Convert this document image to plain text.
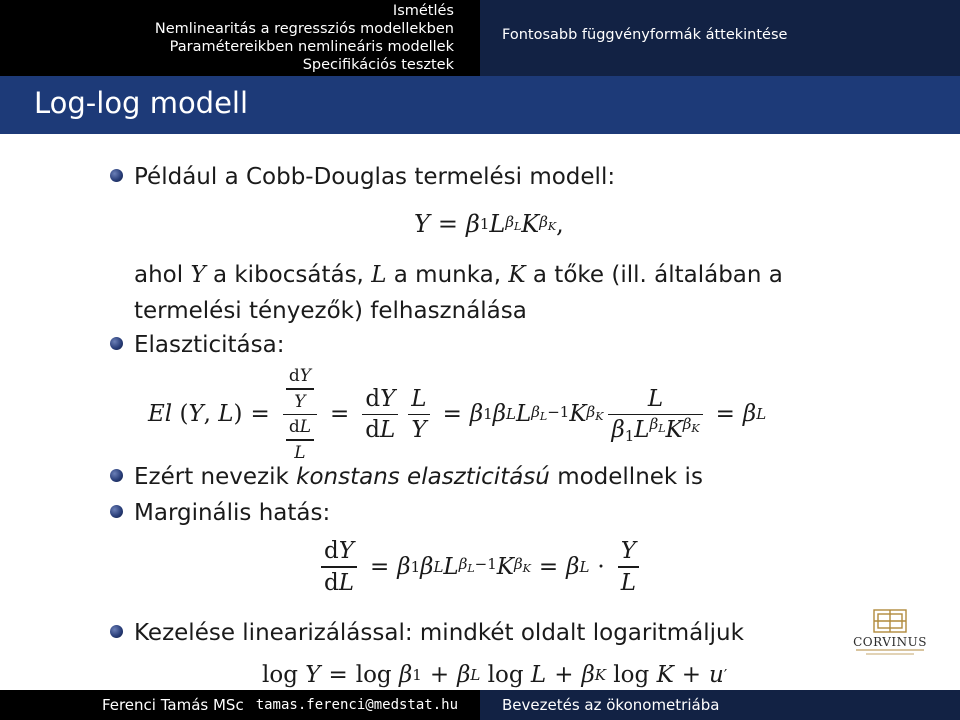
Ismétlés
Nemlinearitás a regressziós modellekben
Paramétereikben nemlineáris modellek
Specifikációs tesztek
Fontosabb függvényformák áttekintése
Log-log modell
Például a Cobb-Douglas termelési modell:
Y = β 1 L $\beta_L$ K $\beta_K$ ,
ahol Y a kibocsátás, L a munka, K a tőke (ill. általában a
termelési tényezők) felhasználása
Elaszticitása:
El ( Y , L ) = $\frac{\frac{dY}{Y}}{\frac{dL}{L}} = \frac{dY}{dL} \frac{L}{Y} = \beta$ 1 β L L $\beta_L-1$ K $\beta_K \frac{L}{\beta_1L^{\beta_L}K^{\beta_K}} = \beta$ L
Ezért nevezik
konstans elaszticitású
modellnek is
Marginális hatás:
$\frac{dY}{dL} = \beta$ 1 β L L $\beta_L-1$ K $\beta_K = \beta$ $L \cdot \frac{Y}{L}$
Kezelése linearizálással: mindkét oldalt logaritmáljuk
log Y = log β 1 + β L log L + β K log K + u ′
CORVINUS
Ferenci Tamás MSc tamas.ferenci@medstat.hu	Bevezetés az ökonometriába
